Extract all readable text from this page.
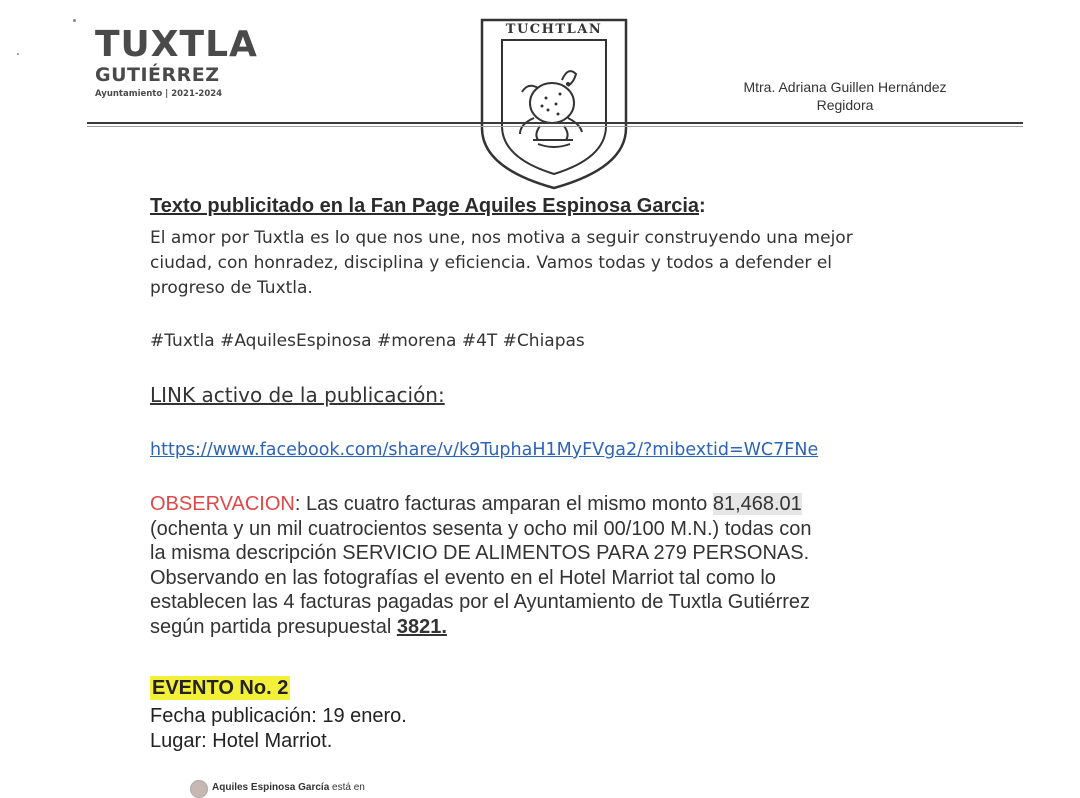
TUXTLA
GUTIÉRREZ
Ayuntamiento | 2021-2024
TUCHTLAN
Mtra. Adriana Guillen Hernández
Regidora
Texto publicitado en la Fan Page Aquiles Espinosa Garcia:
El amor por Tuxtla es lo que nos une, nos motiva a seguir construyendo una mejor
ciudad, con honradez, disciplina y eficiencia. Vamos todas y todos a defender el
progreso de Tuxtla.
#Tuxtla #AquilesEspinosa #morena #4T #Chiapas
LINK activo de la publicación:
https://www.facebook.com/share/v/k9TuphaH1MyFVga2/?mibextid=WC7FNe
OBSERVACION: Las cuatro facturas amparan el mismo monto 81,468.01
(ochenta y un mil cuatrocientos sesenta y ocho mil 00/100 M.N.) todas con
la misma descripción SERVICIO DE ALIMENTOS PARA 279 PERSONAS.
Observando en las fotografías el evento en el Hotel Marriot tal como lo
establecen las 4 facturas pagadas por el Ayuntamiento de Tuxtla Gutiérrez
según partida presupuestal 3821.
EVENTO No. 2
Fecha publicación: 19 enero.
Lugar: Hotel Marriot.
Aquiles Espinosa García está en
